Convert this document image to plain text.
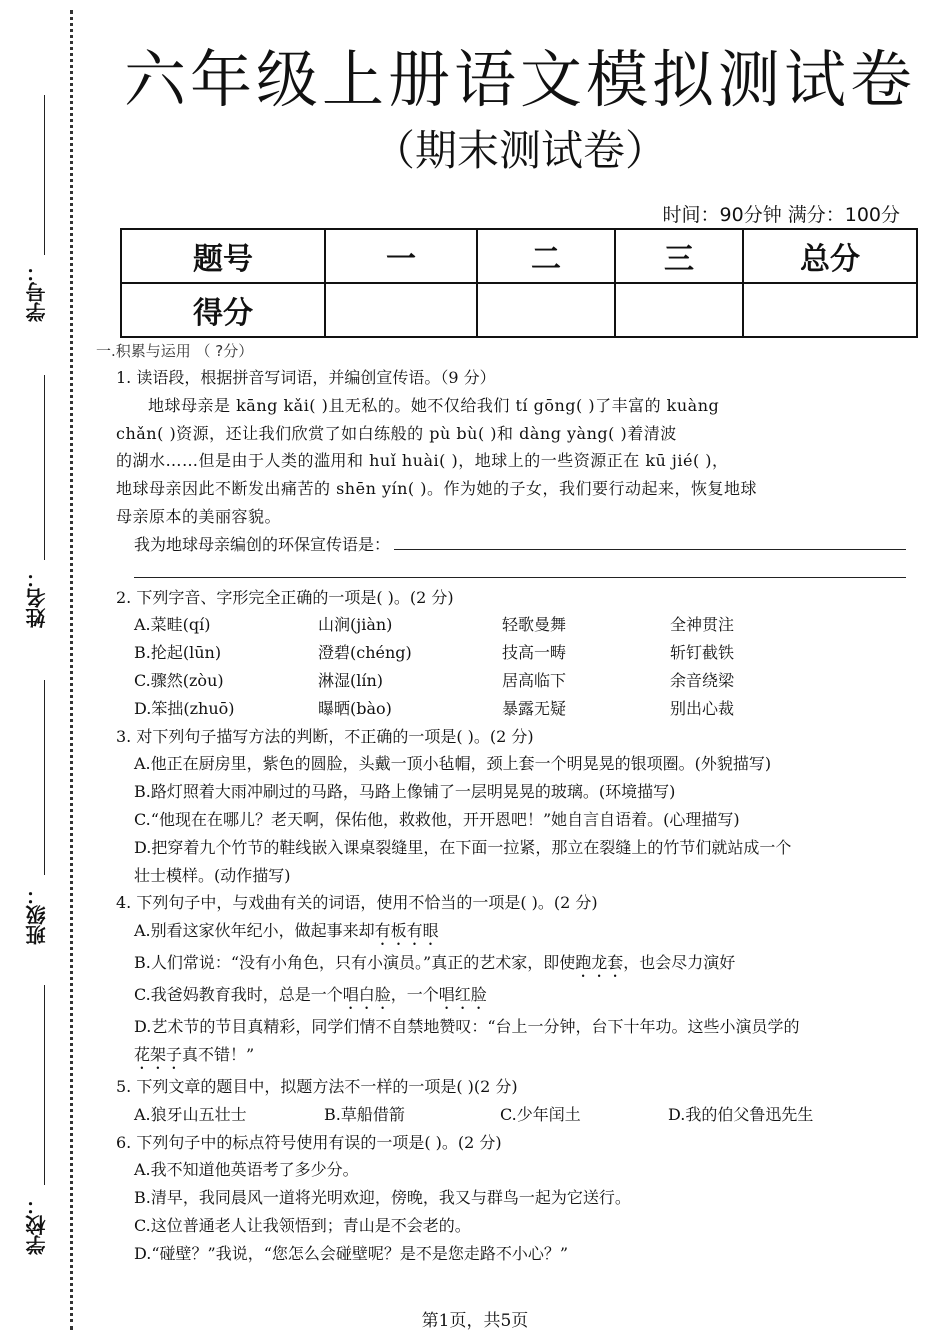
学号：
姓名：
班级：
学校：
六年级上册语文模拟测试卷
（期末测试卷）
时间：90分钟 满分：100分
题号	一	二	三	总分
得分				
一.积累与运用 （ ?分）

1. 读语段，根据拼音写词语，并编创宣传语。（9 分）

地球母亲是 kāng kǎi( )且无私的。她不仅给我们 tí gōng( )了丰富的 kuàng

chǎn( )资源，还让我们欣赏了如白练般的 pù bù( )和 dàng yàng( )着清波

的湖水……但是由于人类的滥用和 huǐ huài( )，地球上的一些资源正在 kū jié( )，

地球母亲因此不断发出痛苦的 shēn yín( )。作为她的子女，我们要行动起来，恢复地球

母亲原本的美丽容貌。

我为地球母亲编创的环保宣传语是：

2. 下列字音、字形完全正确的一项是( )。(2 分)

A.菜畦(qí)	山涧(jiàn)	轻歌曼舞	全神贯注
B.抡起(lūn)	澄碧(chéng)	技高一畴	斩钉截铁
C.骤然(zòu)	淋湿(lín)	居高临下	余音绕梁
D.笨拙(zhuō)	曝晒(bào)	暴露无疑	别出心裁

3. 对下列句子描写方法的判断，不正确的一项是( )。(2 分)

A.他正在厨房里，紫色的圆脸，头戴一顶小毡帽，颈上套一个明晃晃的银项圈。(外貌描写)

B.路灯照着大雨冲刷过的马路，马路上像铺了一层明晃晃的玻璃。(环境描写)

C.“他现在在哪儿？老天啊，保佑他，救救他，开开恩吧！”她自言自语着。(心理描写)

D.把穿着九个竹节的鞋线嵌入课桌裂缝里，在下面一拉紧，那立在裂缝上的竹节们就站成一个

壮士模样。(动作描写)

4. 下列句子中，与戏曲有关的词语，使用不恰当的一项是( )。(2 分)

A.别看这家伙年纪小，做起事来却有板有眼

B.人们常说：“没有小角色，只有小演员。”真正的艺术家，即使跑龙套，也会尽力演好

C.我爸妈教育我时，总是一个唱白脸，一个唱红脸

D.艺术节的节目真精彩，同学们情不自禁地赞叹：“台上一分钟，台下十年功。这些小演员学的

花架子真不错！”

5. 下列文章的题目中，拟题方法不一样的一项是( )(2 分)

A.狼牙山五壮士	B.草船借箭	C.少年闰土	D.我的伯父鲁迅先生

6. 下列句子中的标点符号使用有误的一项是( )。(2 分)

A.我不知道他英语考了多少分。

B.清早，我同晨风一道将光明欢迎，傍晚，我又与群鸟一起为它送行。

C.这位普通老人让我领悟到；青山是不会老的。

D.“碰壁？”我说，“您怎么会碰壁呢？是不是您走路不小心？”

第1页，共5页
